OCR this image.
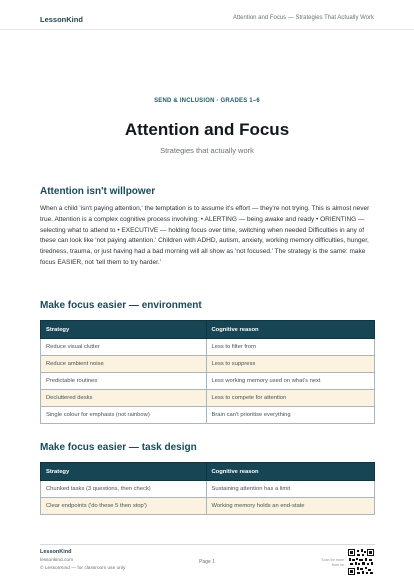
LessonKind	Attention and Focus — Strategies That Actually Work
SEND & INCLUSION · GRADES 1–6
Attention and Focus
Strategies that actually work
Attention isn't willpower

When a child 'isn't paying attention,' the temptation is to assume it's effort — they're not trying. This is almost never true. Attention is a complex cognitive process involving: • ALERTING — being awake and ready • ORIENTING — selecting what to attend to • EXECUTIVE — holding focus over time, switching when needed Difficulties in any of these can look like 'not paying attention.' Children with ADHD, autism, anxiety, working memory difficulties, hunger, tiredness, trauma, or just having had a bad morning will all show as 'not focused.' The strategy is the same: make focus EASIER, not 'tell them to try harder.'

Make focus easier — environment
Strategy	Cognitive reason
Reduce visual clutter	Less to filter from
Reduce ambient noise	Less to suppress
Predictable routines	Less working memory used on what's next
Decluttered desks	Less to compete for attention
Single colour for emphasis (not rainbow)	Brain can't prioritise everything
Make focus easier — task design
Strategy	Cognitive reason
Chunked tasks (3 questions, then check)	Sustaining attention has a limit
Clear endpoints ('do these 5 then stop')	Working memory holds an end-state
LessonKind
lessonkind.com
© LessonKind — for classroom use only
Page 1	Scan for more from us
